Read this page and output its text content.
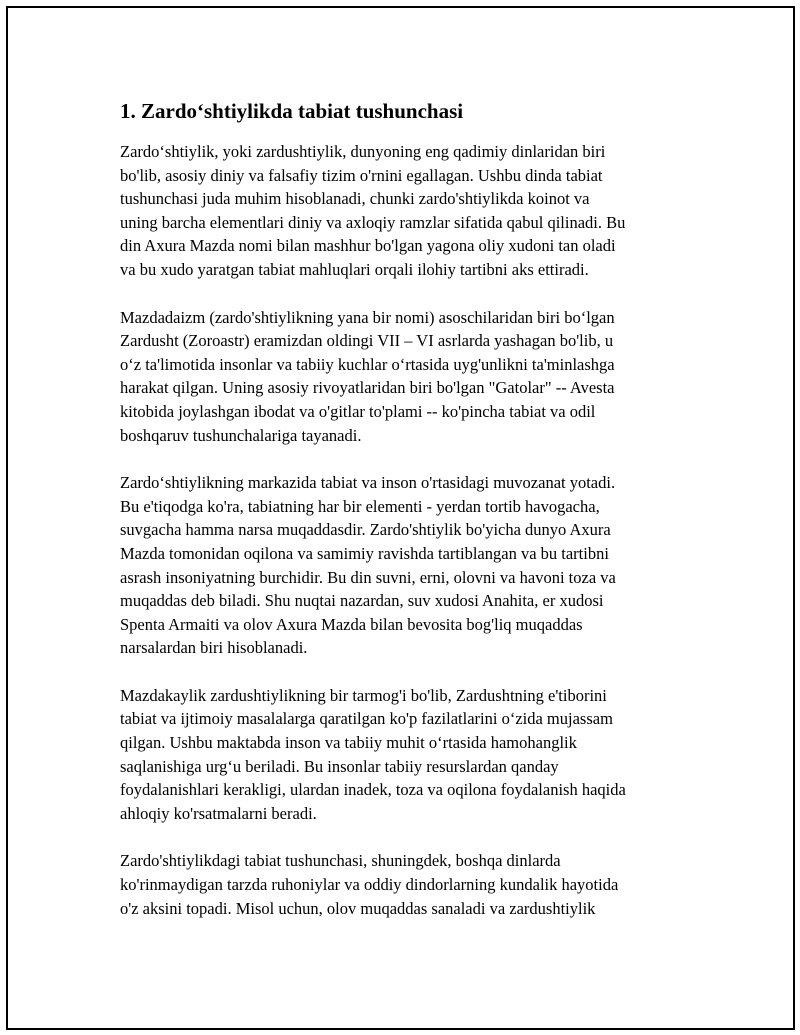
1. Zardo‘shtiylikda tabiat tushunchasi

Zardo‘shtiylik, yoki zardushtiylik, dunyoning eng qadimiy dinlaridan biri
bo'lib, asosiy diniy va falsafiy tizim o'rnini egallagan. Ushbu dinda tabiat
tushunchasi juda muhim hisoblanadi, chunki zardo'shtiylikda koinot va
uning barcha elementlari diniy va axloqiy ramzlar sifatida qabul qilinadi. Bu
din Axura Mazda nomi bilan mashhur bo'lgan yagona oliy xudoni tan oladi
va bu xudo yaratgan tabiat mahluqlari orqali ilohiy tartibni aks ettiradi.

Mazdadaizm (zardo'shtiylikning yana bir nomi) asoschilaridan biri bo‘lgan
Zardusht (Zoroastr) eramizdan oldingi VII – VI asrlarda yashagan bo'lib, u
o‘z ta'limotida insonlar va tabiiy kuchlar o‘rtasida uyg'unlikni ta'minlashga
harakat qilgan. Uning asosiy rivoyatlaridan biri bo'lgan "Gatolar" -- Avesta
kitobida joylashgan ibodat va o'gitlar to'plami -- ko'pincha tabiat va odil
boshqaruv tushunchalariga tayanadi.

Zardo‘shtiylikning markazida tabiat va inson o'rtasidagi muvozanat yotadi.
Bu e'tiqodga ko'ra, tabiatning har bir elementi - yerdan tortib havogacha,
suvgacha hamma narsa muqaddasdir. Zardo'shtiylik bo'yicha dunyo Axura
Mazda tomonidan oqilona va samimiy ravishda tartiblangan va bu tartibni
asrash insoniyatning burchidir. Bu din suvni, erni, olovni va havoni toza va
muqaddas deb biladi. Shu nuqtai nazardan, suv xudosi Anahita, er xudosi
Spenta Armaiti va olov Axura Mazda bilan bevosita bog'liq muqaddas
narsalardan biri hisoblanadi.

Mazdakaylik zardushtiylikning bir tarmog'i bo'lib, Zardushtning e'tiborini
tabiat va ijtimoiy masalalarga qaratilgan ko'p fazilatlarini o‘zida mujassam
qilgan. Ushbu maktabda inson va tabiiy muhit o‘rtasida hamohanglik
saqlanishiga urg‘u beriladi. Bu insonlar tabiiy resurslardan qanday
foydalanishlari kerakligi, ulardan inadek, toza va oqilona foydalanish haqida
ahloqiy ko'rsatmalarni beradi.

Zardo'shtiylikdagi tabiat tushunchasi, shuningdek, boshqa dinlarda
ko'rinmaydigan tarzda ruhoniylar va oddiy dindorlarning kundalik hayotida
o'z aksini topadi. Misol uchun, olov muqaddas sanaladi va zardushtiylik
